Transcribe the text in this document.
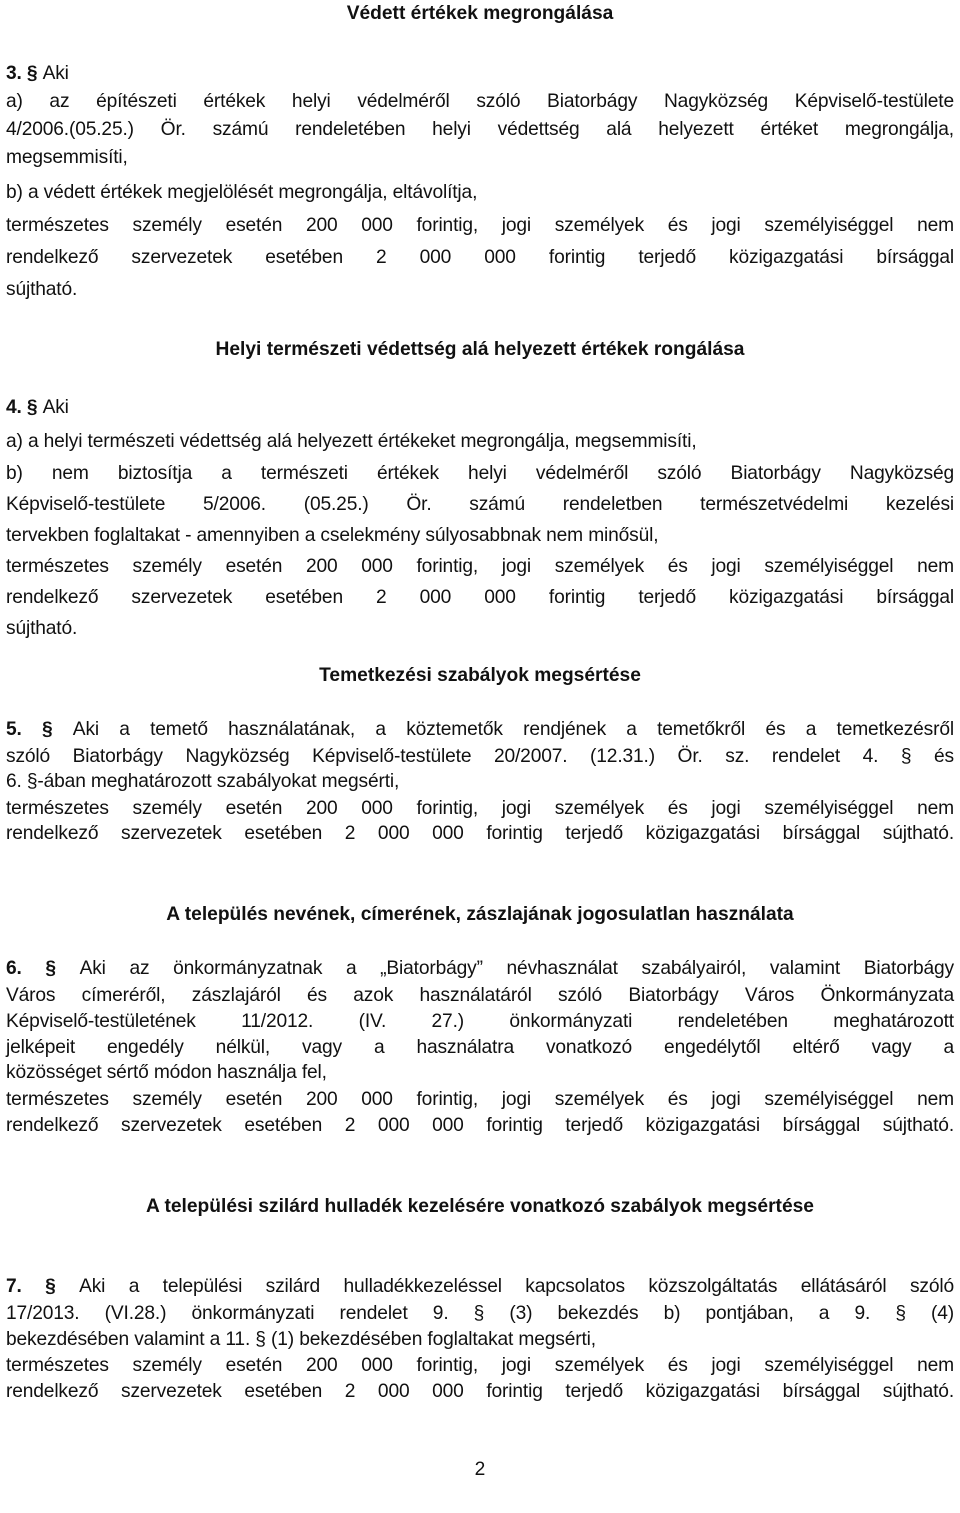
Védett értékek megrongálása
3. § Aki
a) az építészeti értékek helyi védelméről szóló Biatorbágy Nagyközség Képviselő-testülete
4/2006.(05.25.) Ör. számú rendeletében helyi védettség alá helyezett értéket megrongálja,
megsemmisíti,
b) a védett értékek megjelölését megrongálja, eltávolítja,
természetes személy esetén 200 000 forintig, jogi személyek és jogi személyiséggel nem
rendelkező szervezetek esetében 2 000 000 forintig terjedő közigazgatási bírsággal
sújtható.
Helyi természeti védettség alá helyezett értékek rongálása
4. § Aki
a) a helyi természeti védettség alá helyezett értékeket megrongálja, megsemmisíti,
b) nem biztosítja a természeti értékek helyi védelméről szóló Biatorbágy Nagyközség
Képviselő-testülete 5/2006. (05.25.) Ör. számú rendeletben természetvédelmi kezelési
tervekben foglaltakat - amennyiben a cselekmény súlyosabbnak nem minősül,
természetes személy esetén 200 000 forintig, jogi személyek és jogi személyiséggel nem
rendelkező szervezetek esetében 2 000 000 forintig terjedő közigazgatási bírsággal
sújtható.
Temetkezési szabályok megsértése
5. § Aki a temető használatának, a köztemetők rendjének a temetőkről és a temetkezésről
szóló Biatorbágy Nagyközség Képviselő-testülete 20/2007. (12.31.) Ör. sz. rendelet 4. § és
6. §-ában meghatározott szabályokat megsérti,
természetes személy esetén 200 000 forintig, jogi személyek és jogi személyiséggel nem
rendelkező szervezetek esetében 2 000 000 forintig terjedő közigazgatási bírsággal sújtható.
A település nevének, címerének, zászlajának jogosulatlan használata
6. § Aki az önkormányzatnak a „Biatorbágy” névhasználat szabályairól, valamint Biatorbágy
Város címeréről, zászlajáról és azok használatáról szóló Biatorbágy Város Önkormányzata
Képviselő-testületének 11/2012. (IV. 27.) önkormányzati rendeletében meghatározott
jelképeit engedély nélkül, vagy a használatra vonatkozó engedélytől eltérő vagy a
közösséget sértő módon használja fel,
természetes személy esetén 200 000 forintig, jogi személyek és jogi személyiséggel nem
rendelkező szervezetek esetében 2 000 000 forintig terjedő közigazgatási bírsággal sújtható.
A települési szilárd hulladék kezelésére vonatkozó szabályok megsértése
7. § Aki a települési szilárd hulladékkezeléssel kapcsolatos közszolgáltatás ellátásáról szóló
17/2013. (VI.28.) önkormányzati rendelet 9. § (3) bekezdés b) pontjában, a 9. § (4)
bekezdésében valamint a 11. § (1) bekezdésében foglaltakat megsérti,
természetes személy esetén 200 000 forintig, jogi személyek és jogi személyiséggel nem
rendelkező szervezetek esetében 2 000 000 forintig terjedő közigazgatási bírsággal sújtható.
2
